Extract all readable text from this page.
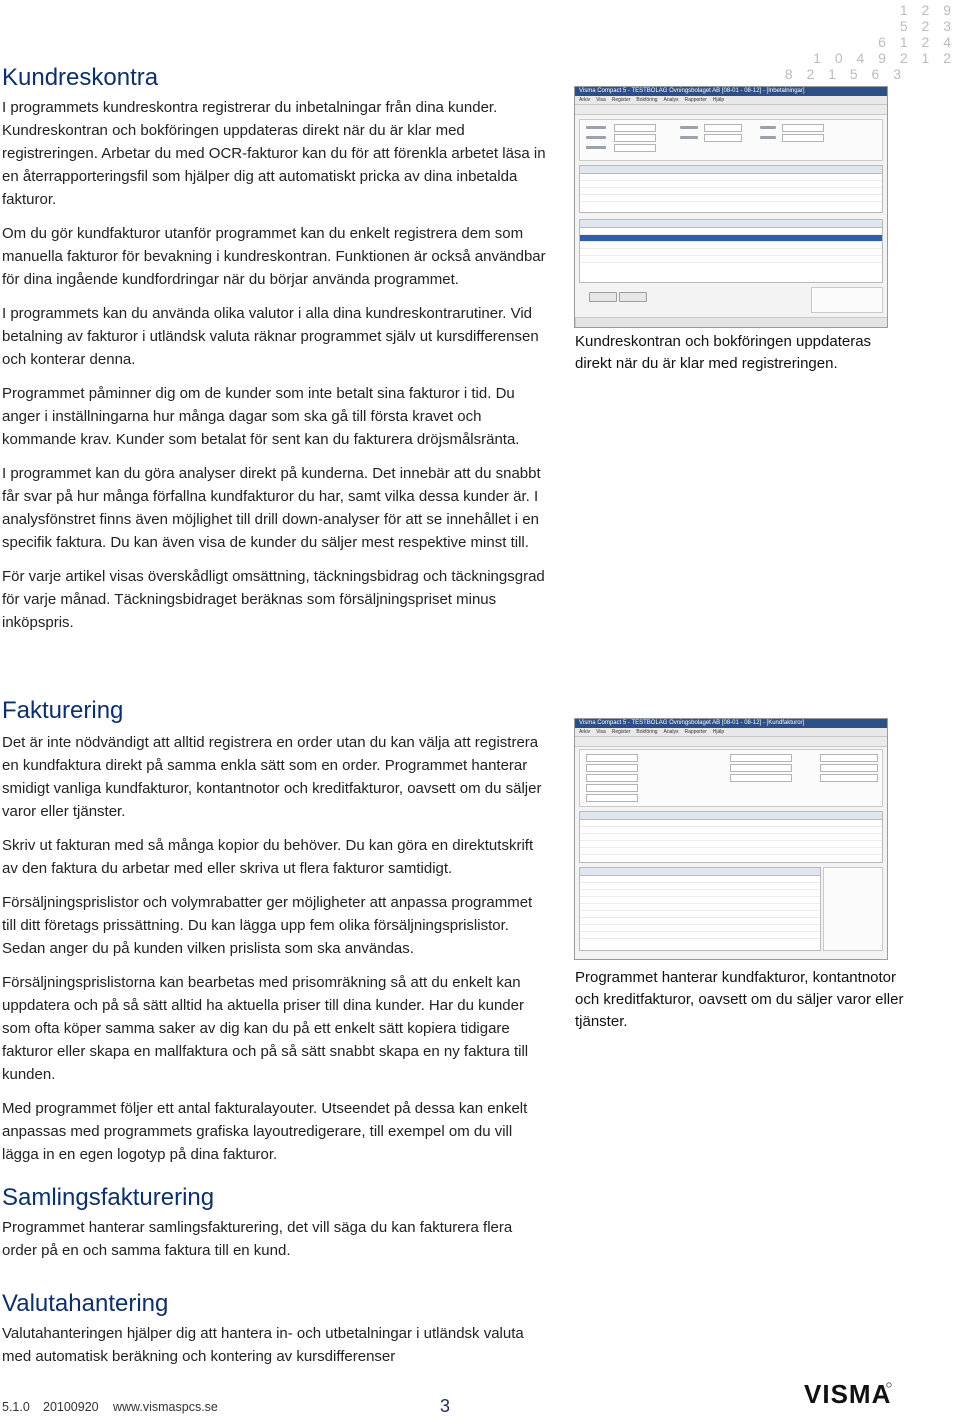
1 2 9
5 2 3
6 1 2 4
1 0 4 9 2 1 2
8 2 1 5 6 3
Kundreskontra

I programmets kundreskontra registrerar du inbetalningar från dina kunder. Kundreskontran och bokföringen uppdateras direkt när du är klar med registreringen. Arbetar du med OCR-fakturor kan du för att förenkla arbetet läsa in en återrapporteringsfil som hjälper dig att automatiskt pricka av dina inbetalda fakturor.

Om du gör kundfakturor utanför programmet kan du enkelt registrera dem som manuella fakturor för bevakning i kundreskontran. Funktionen är också användbar för dina ingående kundfordringar när du börjar använda programmet.

I programmets kan du använda olika valutor i alla dina kundreskontrarutiner. Vid betalning av fakturor i utländsk valuta räknar programmet själv ut kursdifferensen och konterar denna.

Programmet påminner dig om de kunder som inte betalt sina fakturor i tid. Du anger i inställningarna hur många dagar som ska gå till första kravet och kommande krav. Kunder som betalat för sent kan du fakturera dröjsmålsränta.

I programmet kan du göra analyser direkt på kunderna. Det innebär att du snabbt får svar på hur många förfallna kundfakturor du har, samt vilka dessa kunder är. I analysfönstret finns även möjlighet till drill down-analyser för att se innehållet i en specifik faktura. Du kan även visa de kunder du säljer mest respektive minst till.

För varje artikel visas överskådligt omsättning, täckningsbidrag och täckningsgrad för varje månad. Täckningsbidraget beräknas som försäljningspriset minus inköpspris.

Visma Compact 5 - TESTBOLAG Övningsbolaget AB [08-01 - 08-12] - [Inbetalningar]
Arkiv Visa Register Bokföring Analys Rapporter Hjälp
Kundreskontran och bokföringen uppdateras direkt när du är klar med registreringen.
Fakturering

Det är inte nödvändigt att alltid registrera en order utan du kan välja att registrera en kundfaktura direkt på samma enkla sätt som en order. Programmet hanterar smidigt vanliga kundfakturor, kontantnotor och kreditfakturor, oavsett om du säljer varor eller tjänster.

Skriv ut fakturan med så många kopior du behöver. Du kan göra en direktutskrift av den faktura du arbetar med eller skriva ut flera fakturor samtidigt.

Försäljningsprislistor och volymrabatter ger möjligheter att anpassa programmet till ditt företags prissättning. Du kan lägga upp fem olika försäljningsprislistor. Sedan anger du på kunden vilken prislista som ska användas.

Försäljningsprislistorna kan bearbetas med prisomräkning så att du enkelt kan uppdatera och på så sätt alltid ha aktuella priser till dina kunder. Har du kunder som ofta köper samma saker av dig kan du på ett enkelt sätt kopiera tidigare fakturor eller skapa en mallfaktura och på så sätt snabbt skapa en ny faktura till kunden.

Med programmet följer ett antal fakturalayouter. Utseendet på dessa kan enkelt anpassas med programmets grafiska layoutredigerare, till exempel om du vill lägga in en egen logotyp på dina fakturor.

Visma Compact 5 - TESTBOLAG Övningsbolaget AB [08-01 - 08-12] - [Kundfakturor]
Arkiv Visa Register Bokföring Analys Rapporter Hjälp
Programmet hanterar kundfakturor, kontantnotor och kreditfakturor, oavsett om du säljer varor eller tjänster.
Samlingsfakturering

Programmet hanterar samlingsfakturering, det vill säga du kan fakturera flera order på en och samma faktura till en kund.

Valutahantering

Valutahanteringen hjälper dig att hantera in- och utbetalningar i utländsk valuta med automatisk beräkning och kontering av kursdifferenser

5.1.0 20100920 www.vismaspcs.se	3	VISMA
